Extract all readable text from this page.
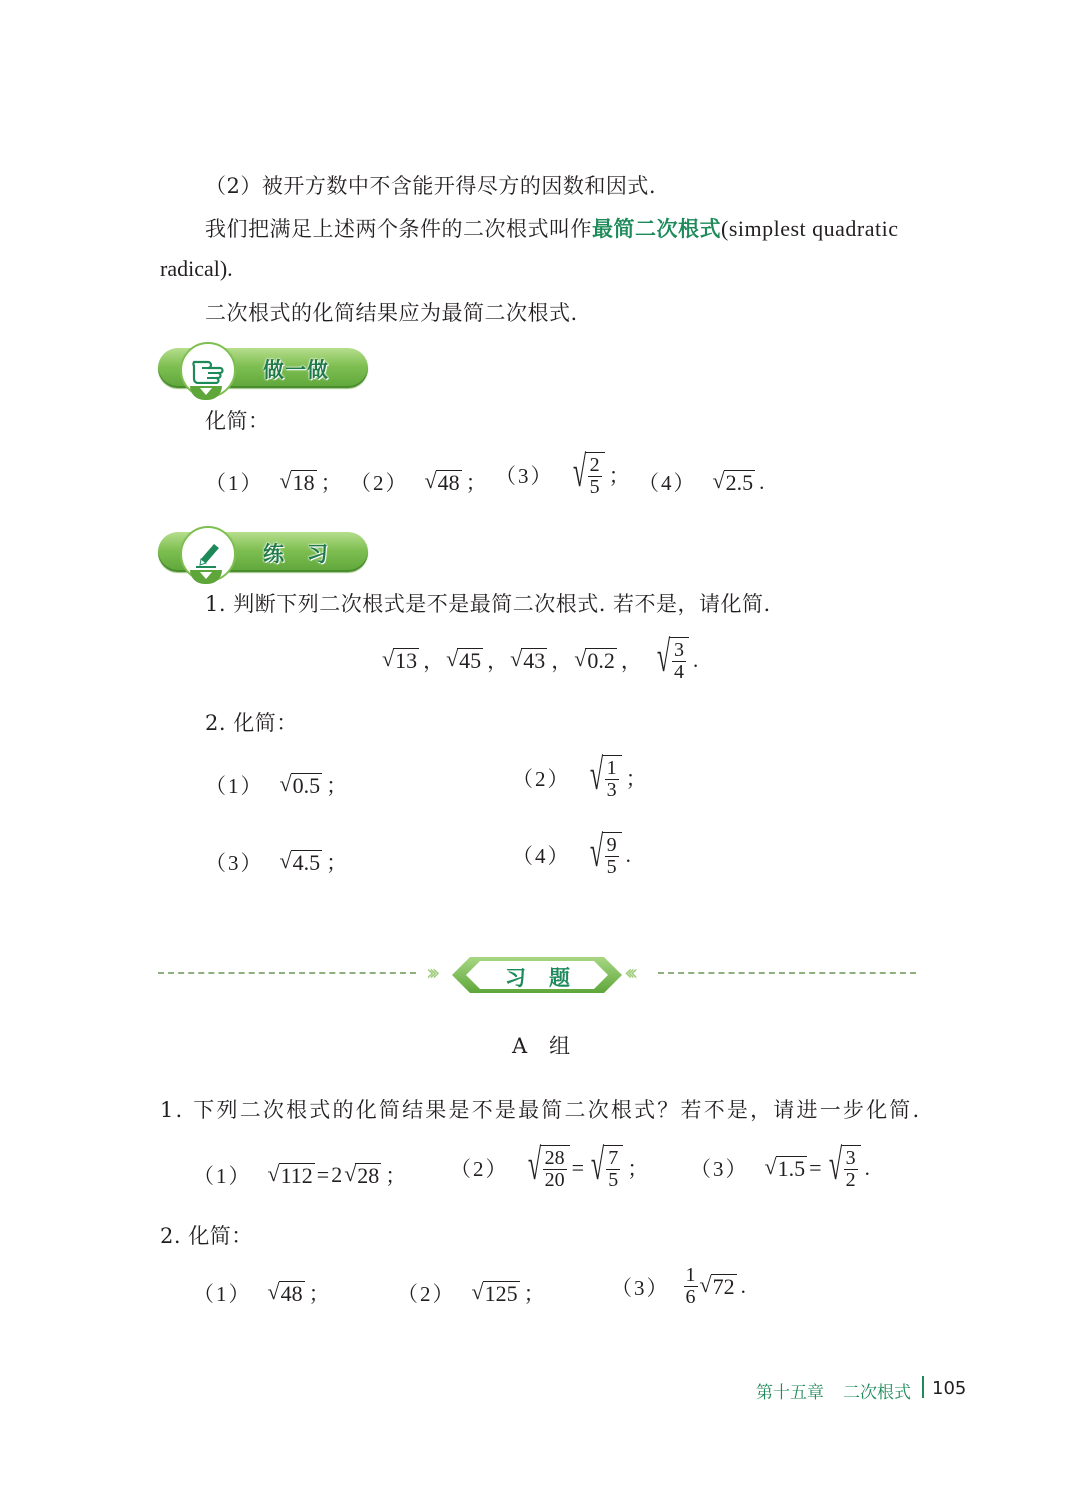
（2）被开方数中不含能开得尽方的因数和因式.
我们把满足上述两个条件的二次根式叫作最简二次根式(simplest quadratic
radical).
二次根式的化简结果应为最简二次根式.
做一做
化简：
（1） √ 18 ； （2） √ 48 ； （3） √ $\frac{2}{5}$ ； （4） √ 2.5 .
练　习
1. 判断下列二次根式是不是最简二次根式. 若不是，请化简.
√ 13 ， √ 45 ， √ 43 ， √ 0.2 ， √ $\frac{3}{4}$ .
2. 化简：
（1） √ 0.5 ；	（2） √ $\frac{1}{3}$ ；
（3） √ 4.5 ；	（4） √ $\frac{9}{5}$ .
›››	习　题 ‹‹‹
A　组
1. 下列二次根式的化简结果是不是最简二次根式？若不是，请进一步化简.
（1） √ 112 = 2 √ 28 ； （2） √ $\frac{28}{20}$ = √ $\frac{7}{5}$ ； （3） √ 1.5 = √ $\frac{3}{2}$ .
2. 化简：
（1） √ 48 ；	（2） √ 125 ；	$(3) \frac{1}{6}$ √ 72 .
第十五章 二次根式 105
